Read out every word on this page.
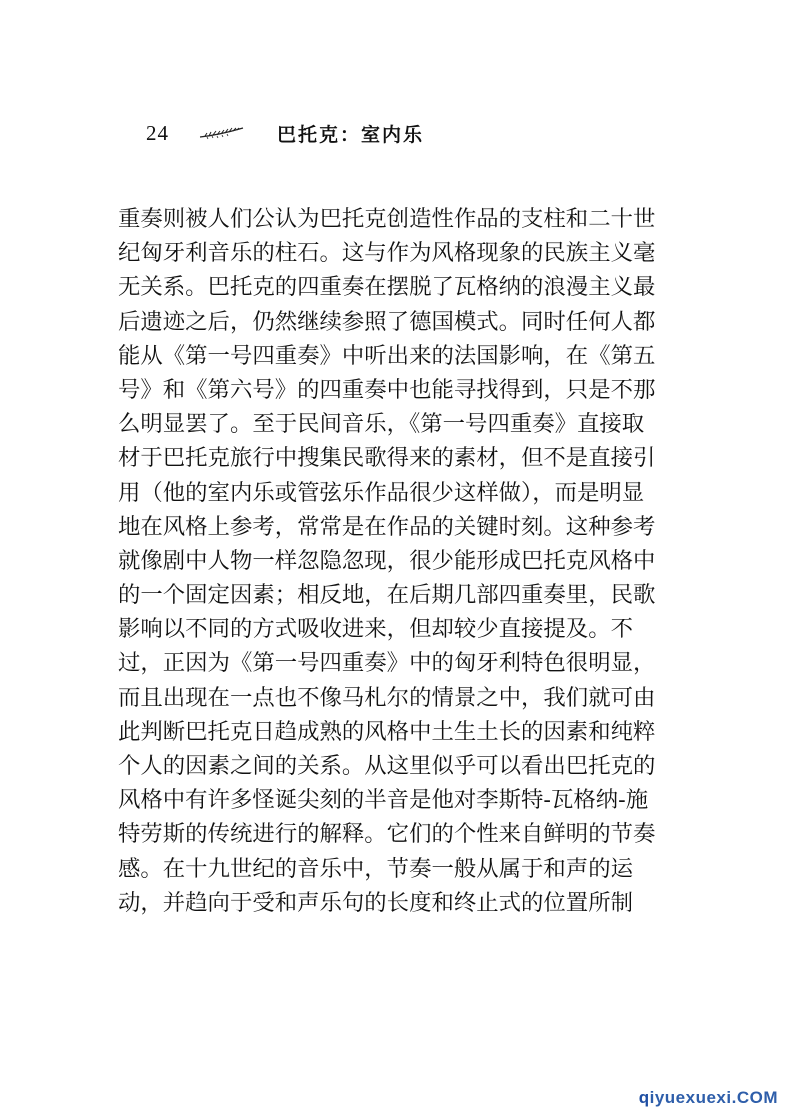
24	巴托克：室内乐
重奏则被人们公认为巴托克创造性作品的支柱和二十世
纪匈牙利音乐的柱石。这与作为风格现象的民族主义毫
无关系。巴托克的四重奏在摆脱了瓦格纳的浪漫主义最
后遗迹之后，仍然继续参照了德国模式。同时任何人都
能从《第一号四重奏》中听出来的法国影响，在《第五
号》和《第六号》的四重奏中也能寻找得到，只是不那
么明显罢了。至于民间音乐，《第一号四重奏》直接取
材于巴托克旅行中搜集民歌得来的素材，但不是直接引
用（他的室内乐或管弦乐作品很少这样做），而是明显
地在风格上参考，常常是在作品的关键时刻。这种参考
就像剧中人物一样忽隐忽现，很少能形成巴托克风格中
的一个固定因素；相反地，在后期几部四重奏里，民歌
影响以不同的方式吸收进来，但却较少直接提及。不
过，正因为《第一号四重奏》中的匈牙利特色很明显，
而且出现在一点也不像马札尔的情景之中，我们就可由
此判断巴托克日趋成熟的风格中土生土长的因素和纯粹
个人的因素之间的关系。从这里似乎可以看出巴托克的
风格中有许多怪诞尖刻的半音是他对李斯特-瓦格纳-施
特劳斯的传统进行的解释。它们的个性来自鲜明的节奏
感。在十九世纪的音乐中，节奏一般从属于和声的运
动，并趋向于受和声乐句的长度和终止式的位置所制
qiyuexuexi.COM
